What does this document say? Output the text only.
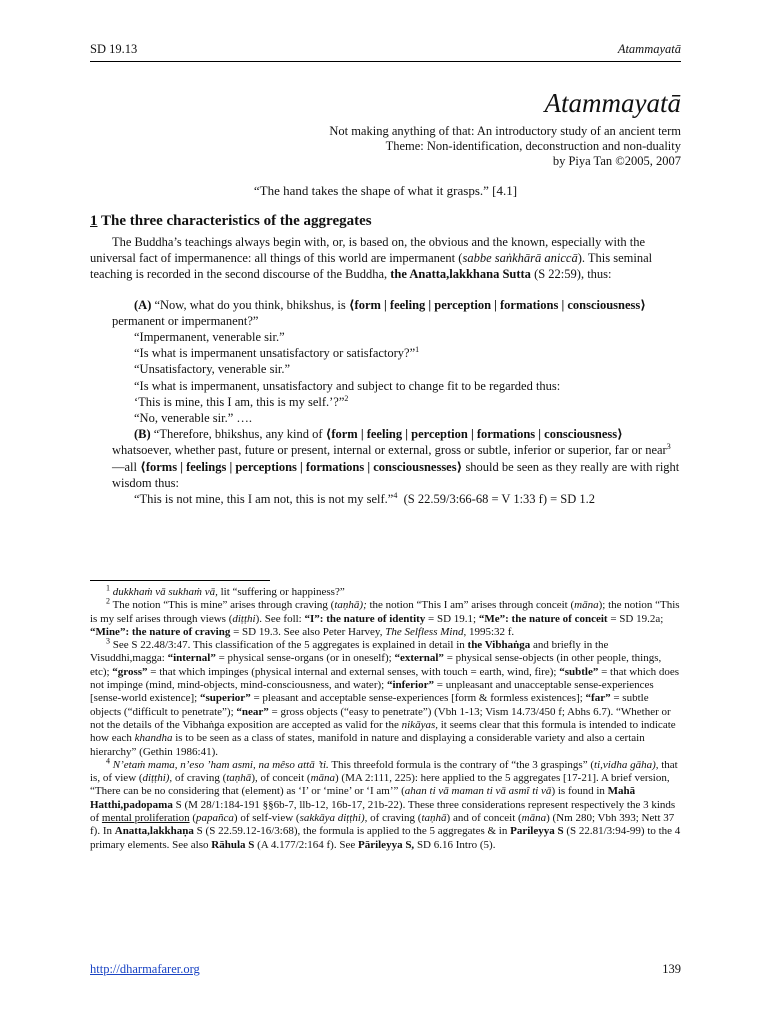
SD 19.13	Atammayatā
Atammayatā
Not making anything of that: An introductory study of an ancient term
Theme: Non-identification, deconstruction and non-duality
by Piya Tan ©2005, 2007
“The hand takes the shape of what it grasps.” [4.1]
1 The three characteristics of the aggregates

The Buddha’s teachings always begin with, or, is based on, the obvious and the known, especially with the universal fact of impermanence: all things of this world are impermanent (sabbe saṅkhārā aniccā). This seminal teaching is recorded in the second discourse of the Buddha, the Anatta,lakkhana Sutta (S 22:59), thus:

(A) “Now, what do you think, bhikshus, is ⟨form | feeling | perception | formations | consciousness⟩ permanent or impermanent?”

“Impermanent, venerable sir.”

“Is what is impermanent unsatisfactory or satisfactory?”$^1$

“Unsatisfactory, venerable sir.”

“Is what is impermanent, unsatisfactory and subject to change fit to be regarded thus:

‘This is mine, this I am, this is my self.’?”$^2$

“No, venerable sir.” ….

(B) “Therefore, bhikshus, any kind of ⟨form | feeling | perception | formations | consciousness⟩ whatsoever, whether past, future or present, internal or external, gross or subtle, inferior or superior, far or near$^3$—all ⟨forms | feelings | perceptions | formations | consciousnesses⟩ should be seen as they really are with right wisdom thus:

“This is not mine, this I am not, this is not my self.”$^4$ (S 22.59/3:66-68 = V 1:33 f) = SD 1.2

$^1$ dukkhaṁ vā sukhaṁ vā, lit “suffering or happiness?”

$^2$ The notion “This is mine” arises through craving (taṇhā); the notion “This I am” arises through conceit (māna); the notion “This is my self arises through views (diṭṭhi). See foll: “I”: the nature of identity = SD 19.1; “Me”: the nature of conceit = SD 19.2a; “Mine”: the nature of craving = SD 19.3. See also Peter Harvey, The Selfless Mind, 1995:32 f.

$^3$ See S 22.48/3:47. This classification of the 5 aggregates is explained in detail in the Vibhaṅga and briefly in the Visuddhi,magga: “internal” = physical sense-organs (or in oneself); “external” = physical sense-objects (in other people, things, etc); “gross” = that which impinges (physical internal and external senses, with touch = earth, wind, fire); “subtle” = that which does not impinge (mind, mind-objects, mind-consciousness, and water); “inferior” = unpleasant and unacceptable sense-experiences [sense-world existence]; “superior” = pleasant and acceptable sense-experiences [form & formless existences]; “far” = subtle objects (“difficult to penetrate”); “near” = gross objects (“easy to penetrate”) (Vbh 1-13; Vism 14.73/450 f; Abhs 6.7). “Whether or not the details of the Vibhaṅga exposition are accepted as valid for the nikāyas, it seems clear that this formula is intended to indicate how each khandha is to be seen as a class of states, manifold in nature and displaying a considerable variety and also a certain hierarchy” (Gethin 1986:41).

$^4$ N’etaṁ mama, n’eso ’ham asmi, na mêso attā ’ti. This threefold formula is the contrary of “the 3 graspings” (ti,vidha gāha), that is, of view (diṭṭhi), of craving (taṇhā), of conceit (māna) (MA 2:111, 225): here applied to the 5 aggregates [17-21]. A brief version, “There can be no considering that (element) as ‘I’ or ‘mine’ or ‘I am’” (ahan ti vā maman ti vā asmî ti vā) is found in Mahā Hatthi,padopama S (M 28/1:184-191 §§6b-7, llb-12, 16b-17, 21b-22). These three considerations represent respectively the 3 kinds of mental proliferation (papañca) of self-view (sakkāya diṭṭhi), of craving (taṇhā) and of conceit (māna) (Nm 280; Vbh 393; Nett 37 f). In Anatta,lakkhaṇa S (S 22.59.12-16/3:68), the formula is applied to the 5 aggregates & in Parileyya S (S 22.81/3:94-99) to the 4 primary elements. See also Rāhula S (A 4.177/2:164 f). See Pārileyya S, SD 6.16 Intro (5).

http://dharmafarer.org	139
